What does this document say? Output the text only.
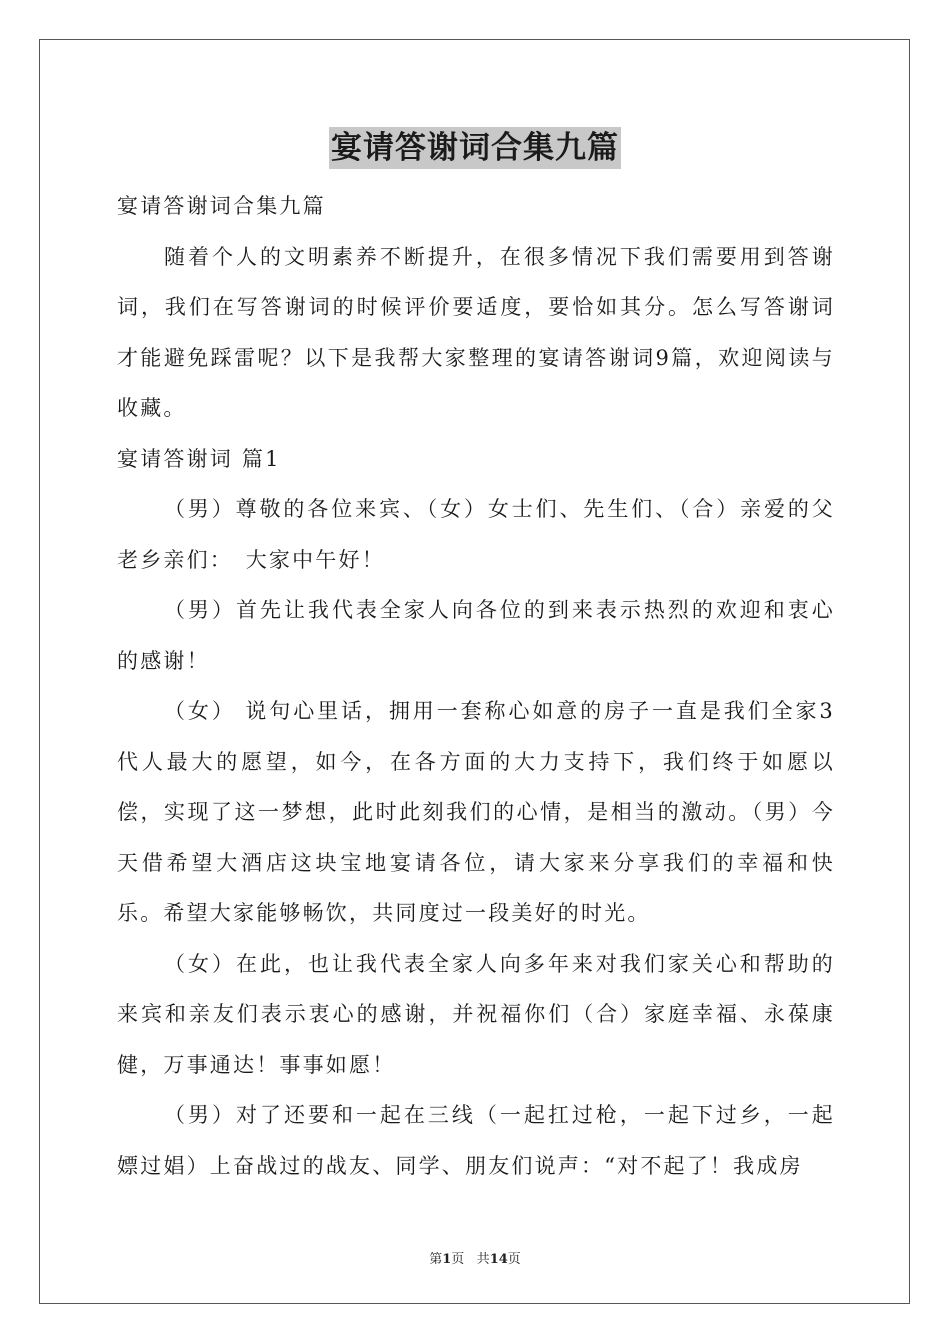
宴请答谢词合集九篇

宴请答谢词合集九篇

随着个人的文明素养不断提升，在很多情况下我们需要用到答谢词，我们在写答谢词的时候评价要适度，要恰如其分。怎么写答谢词才能避免踩雷呢？以下是我帮大家整理的宴请答谢词9篇，欢迎阅读与收藏。

宴请答谢词 篇1

（男）尊敬的各位来宾、（女）女士们、先生们、（合）亲爱的父老乡亲们：　大家中午好！

（男）首先让我代表全家人向各位的到来表示热烈的欢迎和衷心的感谢！

（女） 说句心里话，拥用一套称心如意的房子一直是我们全家3代人最大的愿望，如今，在各方面的大力支持下，我们终于如愿以偿，实现了这一梦想，此时此刻我们的心情，是相当的激动。（男）今天借希望大酒店这块宝地宴请各位，请大家来分享我们的幸福和快乐。希望大家能够畅饮，共同度过一段美好的时光。

（女）在此，也让我代表全家人向多年来对我们家关心和帮助的来宾和亲友们表示衷心的感谢，并祝福你们（合）家庭幸福、永葆康健，万事通达！事事如愿！

（男）对了还要和一起在三线（一起扛过枪，一起下过乡，一起嫖过娼）上奋战过的战友、同学、朋友们说声：“对不起了！我成房

第1页 共14页
